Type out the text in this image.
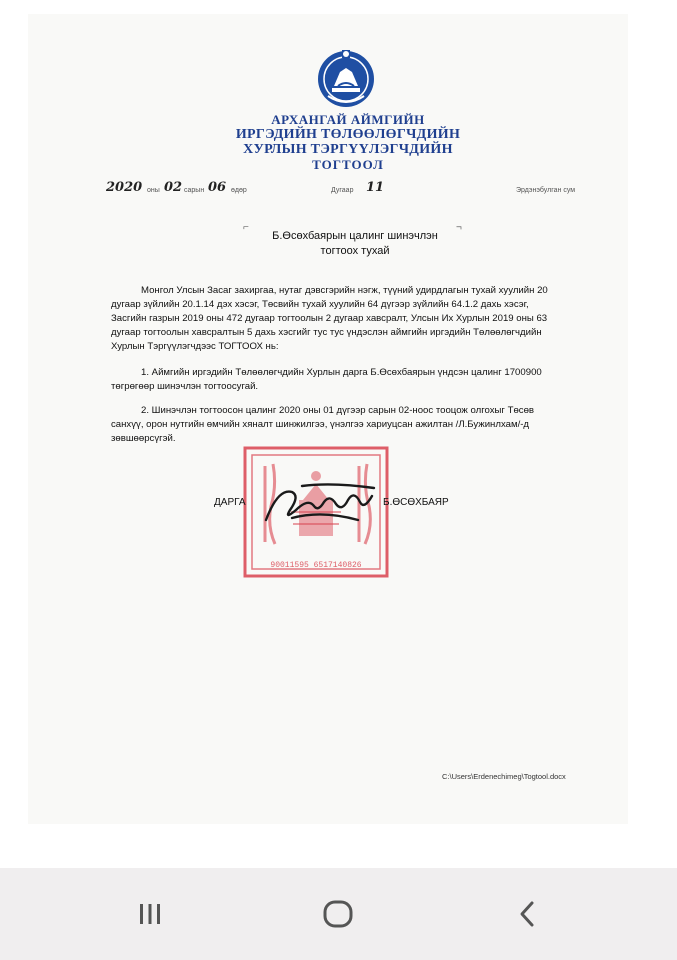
АРХАНГАЙ АЙМГИЙН
ИРГЭДИЙН ТӨЛӨӨЛӨГЧДИЙН
ХУРЛЫН ТЭРГҮҮЛЭГЧДИЙН
ТОГТООЛ
2020 оны 02 сарын 06 өдөр	Дугаар 11	Эрдэнэбулган сум
⌐	¬
Б.Өсөхбаярын цалинг шинэчлэн
тогтоох тухай

Монгол Улсын Засаг захиргаа, нутаг дэвсгэрийн нэгж, түүний удирдлагын тухай хуулийн 20 дугаар зүйлийн 20.1.14 дэх хэсэг, Төсвийн тухай хуулийн 64 дүгээр зүйлийн 64.1.2 дахь хэсэг, Засгийн газрын 2019 оны 472 дугаар тогтоолын 2 дугаар хавсралт, Улсын Их Хурлын 2019 оны 63 дугаар тогтоолын хавсралтын 5 дахь хэсгийг тус тус үндэслэн аймгийн иргэдийн Төлөөлөгчдийн Хурлын Тэргүүлэгчдээс ТОГТООХ нь:

1. Аймгийн иргэдийн Төлөөлөгчдийн Хурлын дарга Б.Өсөхбаярын үндсэн цалинг 1700900 төгрөгөөр шинэчлэн тогтоосугай.

2. Шинэчлэн тогтоосон цалинг 2020 оны 01 дүгээр сарын 02-ноос тооцож олгохыг Төсөв санхүү, орон нутгийн өмчийн хяналт шинжилгээ, үнэлгээ хариуцсан ажилтан /Л.Бужинлхам/-д зөвшөөрсүгэй.

90011595 6517140826
ДАРГА	Б.ӨСӨХБАЯР
C:\Users\Erdenechimeg\Togtool.docx
